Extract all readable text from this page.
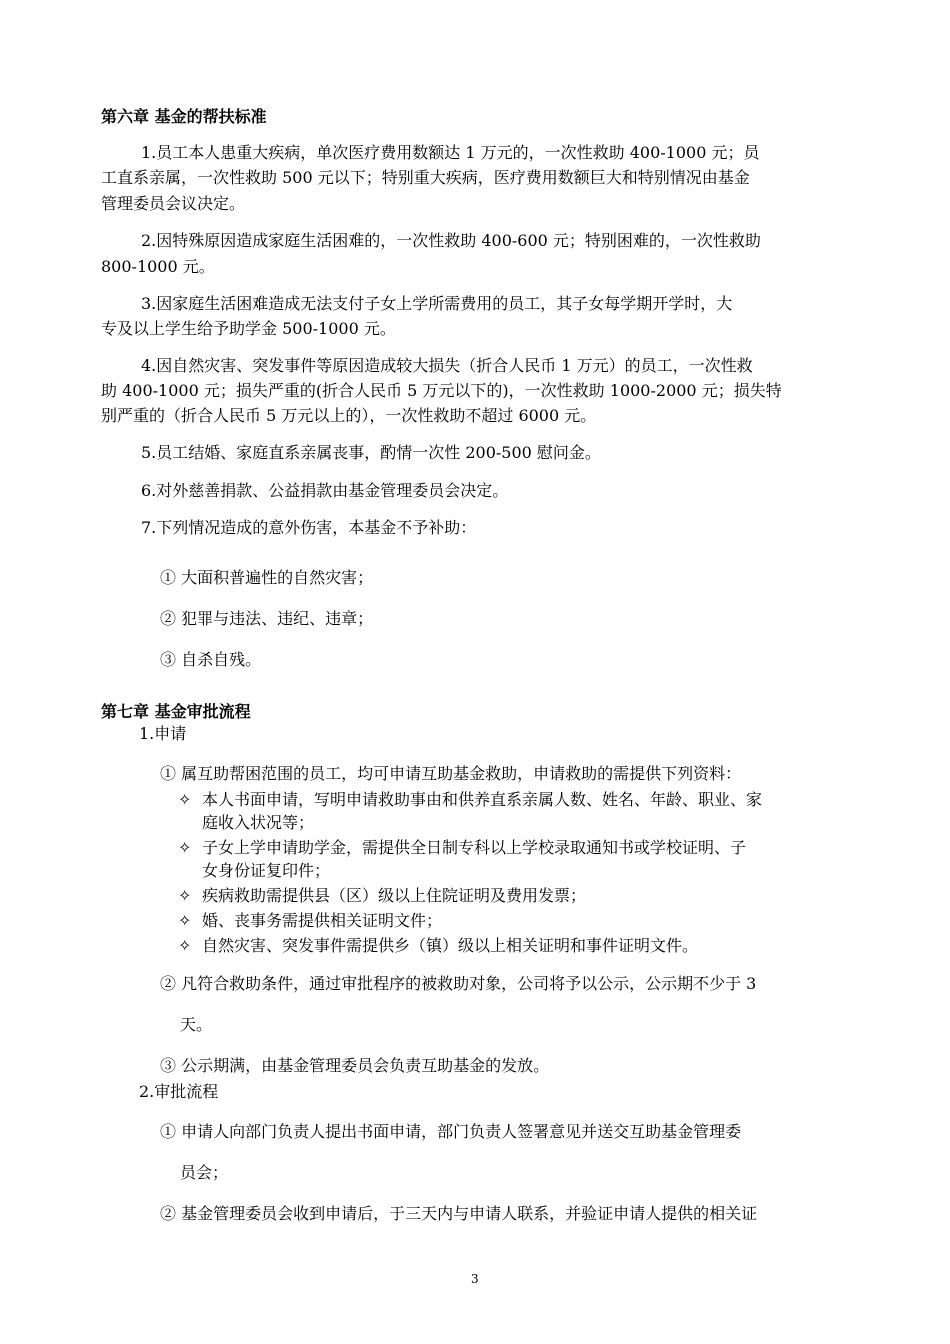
第六章 基金的帮扶标准
1.员工本人患重大疾病，单次医疗费用数额达 1 万元的，一次性救助 400-1000 元；员
工直系亲属，一次性救助 500 元以下；特别重大疾病，医疗费用数额巨大和特别情况由基金
管理委员会议决定。
2.因特殊原因造成家庭生活困难的，一次性救助 400-600 元；特别困难的，一次性救助
800-1000 元。
3.因家庭生活困难造成无法支付子女上学所需费用的员工，其子女每学期开学时，大
专及以上学生给予助学金 500-1000 元。
4.因自然灾害、突发事件等原因造成较大损失（折合人民币 1 万元）的员工，一次性救
助 400-1000 元；损失严重的(折合人民币 5 万元以下的)，一次性救助 1000-2000 元；损失特
别严重的（折合人民币 5 万元以上的），一次性救助不超过 6000 元。
5.员工结婚、家庭直系亲属丧事，酌情一次性 200-500 慰问金。
6.对外慈善捐款、公益捐款由基金管理委员会决定。
7.下列情况造成的意外伤害，本基金不予补助：
① 大面积普遍性的自然灾害；
② 犯罪与违法、违纪、违章；
③ 自杀自残。
第七章 基金审批流程
1.申请
① 属互助帮困范围的员工，均可申请互助基金救助，申请救助的需提供下列资料：
✧ 本人书面申请，写明申请救助事由和供养直系亲属人数、姓名、年龄、职业、家
庭收入状况等；
✧ 子女上学申请助学金，需提供全日制专科以上学校录取通知书或学校证明、子
女身份证复印件；
✧ 疾病救助需提供县（区）级以上住院证明及费用发票；
✧ 婚、丧事务需提供相关证明文件；
✧ 自然灾害、突发事件需提供乡（镇）级以上相关证明和事件证明文件。
② 凡符合救助条件，通过审批程序的被救助对象，公司将予以公示，公示期不少于 3
天。
③ 公示期满，由基金管理委员会负责互助基金的发放。
2.审批流程
① 申请人向部门负责人提出书面申请，部门负责人签署意见并送交互助基金管理委
员会；
② 基金管理委员会收到申请后，于三天内与申请人联系，并验证申请人提供的相关证
3
